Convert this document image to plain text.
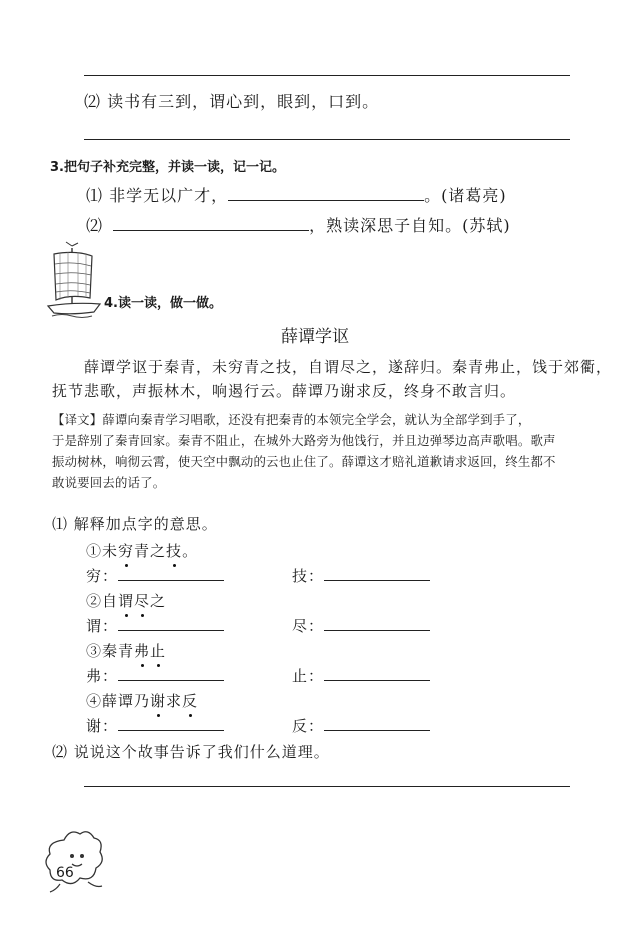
⑵ 读书有三到，谓心到，眼到，口到。
3.把句子补充完整，并读一读，记一记。
⑴ 非学无以广才，	。(诸葛亮)
⑵	，熟读深思子自知。(苏轼)
4.读一读，做一做。
薛谭学讴
薛谭学讴于秦青，未穷青之技，自谓尽之，遂辞归。秦青弗止，饯于郊衢，
抚节悲歌，声振林木，响遏行云。薛谭乃谢求反，终身不敢言归。
【译文】薛谭向秦青学习唱歌，还没有把秦青的本领完全学会，就认为全部学到手了，
于是辞别了秦青回家。秦青不阻止，在城外大路旁为他饯行，并且边弹琴边高声歌唱。歌声
振动树林，响彻云霄，使天空中飘动的云也止住了。薛谭这才赔礼道歉请求返回，终生都不
敢说要回去的话了。
⑴ 解释加点字的意思。
①未穷青之技。
穷：	技：
②自谓尽之
谓：	尽：
③秦青弗止
弗：	止：
④薛谭乃谢求反
谢：	反：
⑵ 说说这个故事告诉了我们什么道理。
66
